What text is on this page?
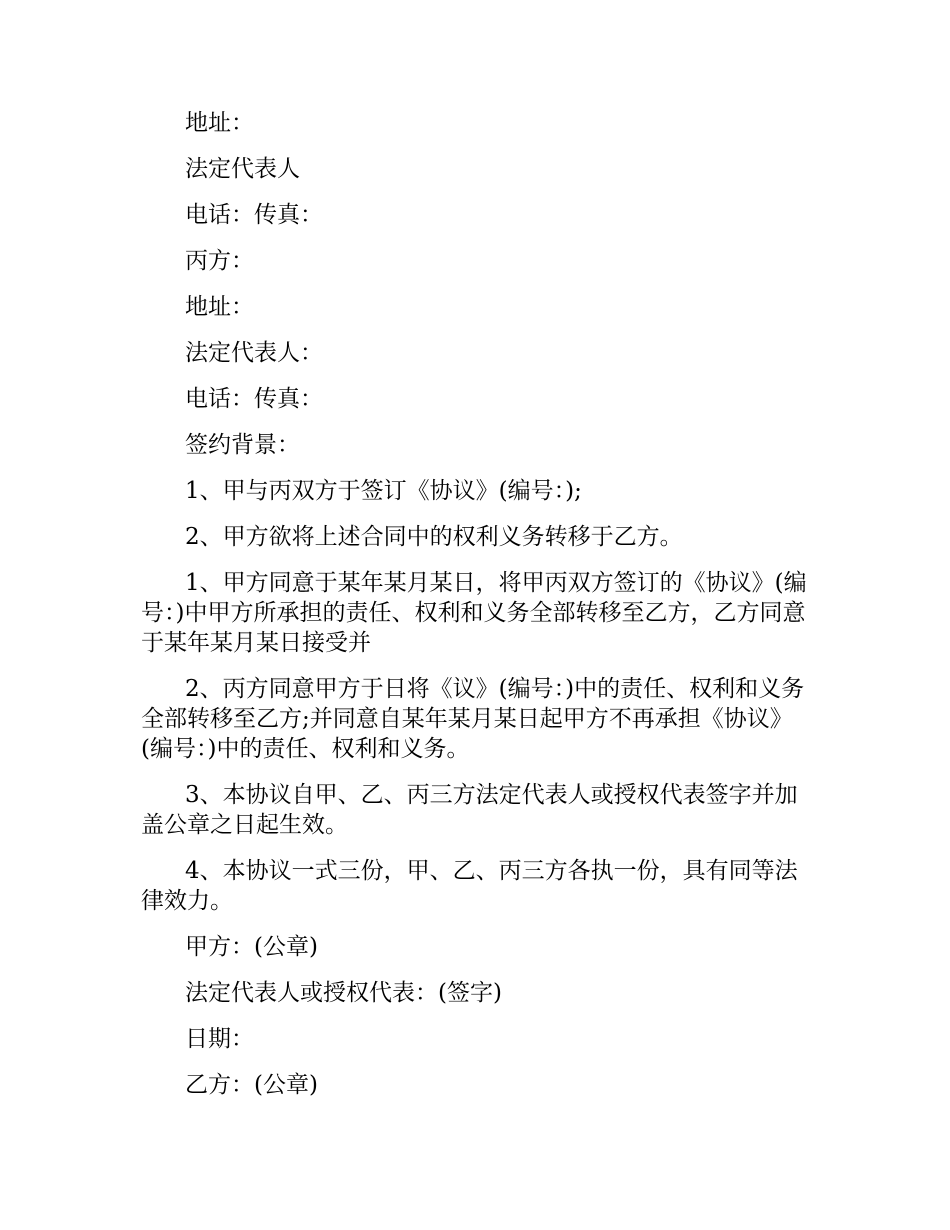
地址：

法定代表人

电话：传真：

丙方：

地址：

法定代表人：

电话：传真：

签约背景：

1、甲与丙双方于签订《协议》(编号：);

2、甲方欲将上述合同中的权利义务转移于乙方。

1、甲方同意于某年某月某日，将甲丙双方签订的《协议》(编号：)中甲方所承担的责任、权利和义务全部转移至乙方，乙方同意于某年某月某日接受并

2、丙方同意甲方于日将《议》(编号：)中的责任、权利和义务全部转移至乙方;并同意自某年某月某日起甲方不再承担《协议》(编号：)中的责任、权利和义务。

3、本协议自甲、乙、丙三方法定代表人或授权代表签字并加盖公章之日起生效。

4、本协议一式三份，甲、乙、丙三方各执一份，具有同等法律效力。

甲方：(公章)

法定代表人或授权代表：(签字)

日期：

乙方：(公章)
